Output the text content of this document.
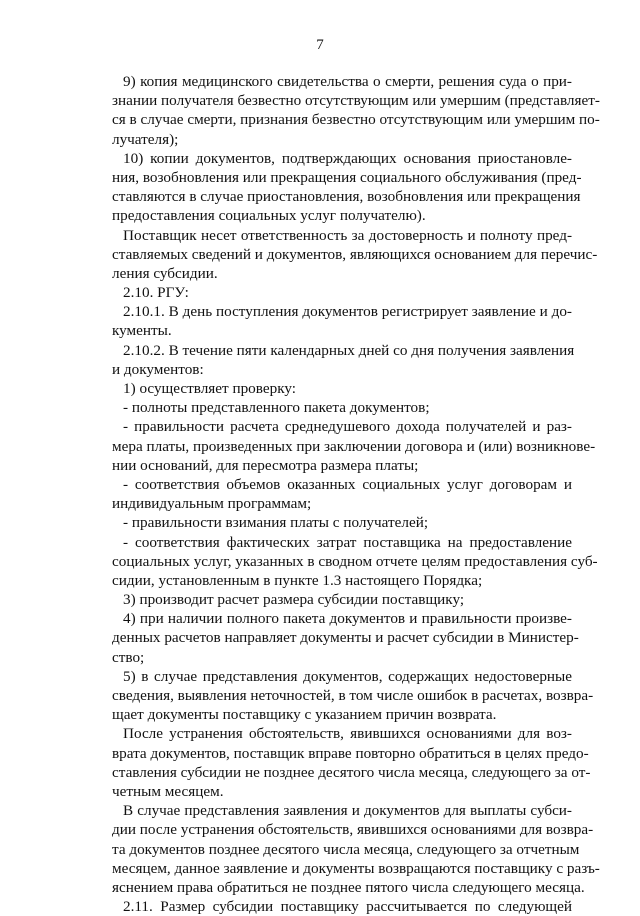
7
9) копия медицинского свидетельства о смерти, решения суда о при-
знании получателя безвестно отсутствующим или умершим (представляет-
ся в случае смерти, признания безвестно отсутствующим или умершим по-
лучателя);
10) копии документов, подтверждающих основания приостановле-
ния, возобновления или прекращения социального обслуживания (пред-
ставляются в случае приостановления, возобновления или прекращения
предоставления социальных услуг получателю).
Поставщик несет ответственность за достоверность и полноту пред-
ставляемых сведений и документов, являющихся основанием для перечис-
ления субсидии.
2.10. РГУ:
2.10.1. В день поступления документов регистрирует заявление и до-
кументы.
2.10.2. В течение пяти календарных дней со дня получения заявления
и документов:
1) осуществляет проверку:
- полноты представленного пакета документов;
- правильности расчета среднедушевого дохода получателей и раз-
мера платы, произведенных при заключении договора и (или) возникнове-
нии оснований, для пересмотра размера платы;
- соответствия объемов оказанных социальных услуг договорам и
индивидуальным программам;
- правильности взимания платы с получателей;
- соответствия фактических затрат поставщика на предоставление
социальных услуг, указанных в сводном отчете целям предоставления суб-
сидии, установленным в пункте 1.3 настоящего Порядка;
3) производит расчет размера субсидии поставщику;
4) при наличии полного пакета документов и правильности произве-
денных расчетов направляет документы и расчет субсидии в Министер-
ство;
5) в случае представления документов, содержащих недостоверные
сведения, выявления неточностей, в том числе ошибок в расчетах, возвра-
щает документы поставщику с указанием причин возврата.
После устранения обстоятельств, явившихся основаниями для воз-
врата документов, поставщик вправе повторно обратиться в целях предо-
ставления субсидии не позднее десятого числа месяца, следующего за от-
четным месяцем.
В случае представления заявления и документов для выплаты субси-
дии после устранения обстоятельств, явившихся основаниями для возвра-
та документов позднее десятого числа месяца, следующего за отчетным
месяцем, данное заявление и документы возвращаются поставщику с разъ-
яснением права обратиться не позднее пятого числа следующего месяца.
2.11. Размер субсидии поставщику рассчитывается по следующей
